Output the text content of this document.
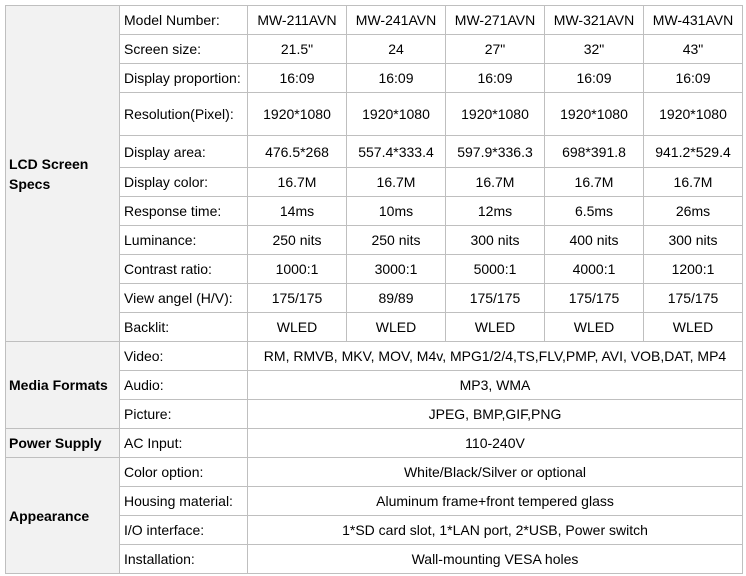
LCD Screen Specs	Model Number:	MW-211AVN	MW-241AVN	MW-271AVN	MW-321AVN	MW-431AVN
	Screen size:	21.5"	24	27"	32"	43"
	Display proportion:	16:09	16:09	16:09	16:09	16:09
	Resolution(Pixel):	1920*1080	1920*1080	1920*1080	1920*1080	1920*1080
	Display area:	476.5*268	557.4*333.4	597.9*336.3	698*391.8	941.2*529.4
	Display color:	16.7M	16.7M	16.7M	16.7M	16.7M
	Response time:	14ms	10ms	12ms	6.5ms	26ms
	Luminance:	250 nits	250 nits	300 nits	400 nits	300 nits
	Contrast ratio:	1000:1	3000:1	5000:1	4000:1	1200:1
	View angel (H/V):	175/175	89/89	175/175	175/175	175/175
	Backlit:	WLED	WLED	WLED	WLED	WLED
Media Formats	Video:	RM, RMVB, MKV, MOV, M4v, MPG1/2/4,TS,FLV,PMP, AVI, VOB,DAT, MP4				
	Audio:	MP3, WMA				
	Picture:	JPEG, BMP,GIF,PNG				
Power Supply	AC Input:	110-240V				
Appearance	Color option:	White/Black/Silver or optional				
	Housing material:	Aluminum frame+front tempered glass				
	I/O interface:	1*SD card slot, 1*LAN port, 2*USB, Power switch				
	Installation:	Wall-mounting VESA holes				
